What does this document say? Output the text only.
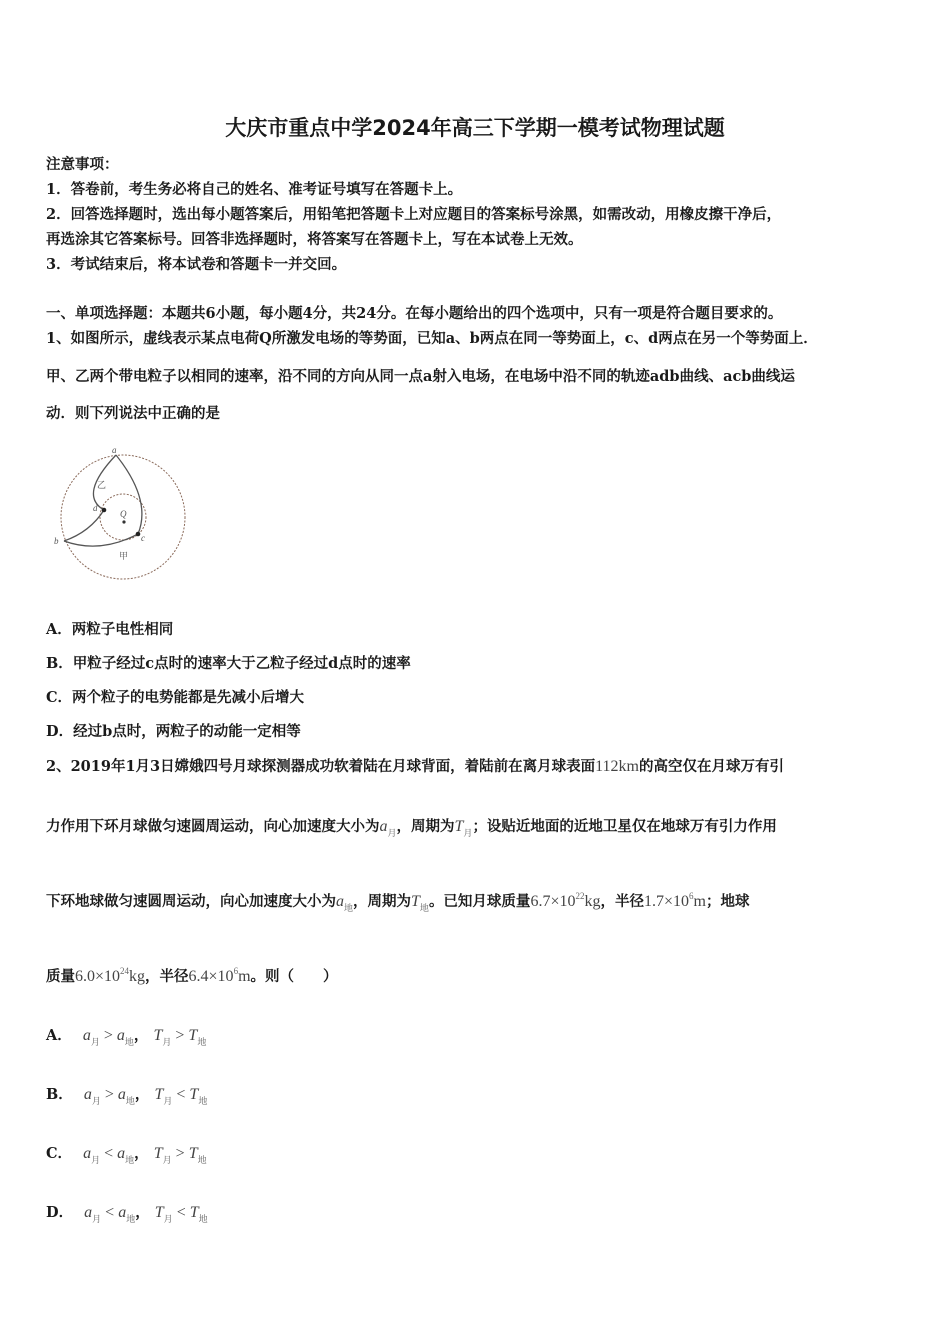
大庆市重点中学2024年高三下学期一模考试物理试题
注意事项：
1．答卷前，考生务必将自己的姓名、准考证号填写在答题卡上。
2．回答选择题时，选出每小题答案后，用铅笔把答题卡上对应题目的答案标号涂黑，如需改动，用橡皮擦干净后，
再选涂其它答案标号。回答非选择题时，将答案写在答题卡上，写在本试卷上无效。
3．考试结束后，将本试卷和答题卡一并交回。
一、单项选择题：本题共6小题，每小题4分，共24分。在每小题给出的四个选项中，只有一项是符合题目要求的。
1、如图所示，虚线表示某点电荷Q所激发电场的等势面，已知a、b两点在同一等势面上，c、d两点在另一个等势面上．
甲、乙两个带电粒子以相同的速率，沿不同的方向从同一点a射入电场，在电场中沿不同的轨迹adb曲线、acb曲线运
动．则下列说法中正确的是
a
b	c
d
Q
乙
甲
A．两粒子电性相同
B．甲粒子经过c点时的速率大于乙粒子经过d点时的速率
C．两个粒子的电势能都是先减小后增大
D．经过b点时，两粒子的动能一定相等
2、2019年1月3日嫦娥四号月球探测器成功软着陆在月球背面，着陆前在离月球表面112km的高空仅在月球万有引
力作用下环月球做匀速圆周运动，向心加速度大小为$a_月$，周期为$T_月$；设贴近地面的近地卫星仅在地球万有引力作用
下环地球做匀速圆周运动，向心加速度大小为$a_地$，周期为$T_地$。已知月球质量$6.7\times 10^{22}kg$，半径$1.7\times 10^6m$；地球
质量$6.0\times 10^{24}kg$，半径$6.4\times 10^6m$。则（　　）
A． $a_月 > a_地$， $T_月 > T_地$
B． $a_月 > a_地$， $T_月 < T_地$
C． $a_月 < a_地$， $T_月 > T_地$
D． $a_月 < a_地$， $T_月 < T_地$
